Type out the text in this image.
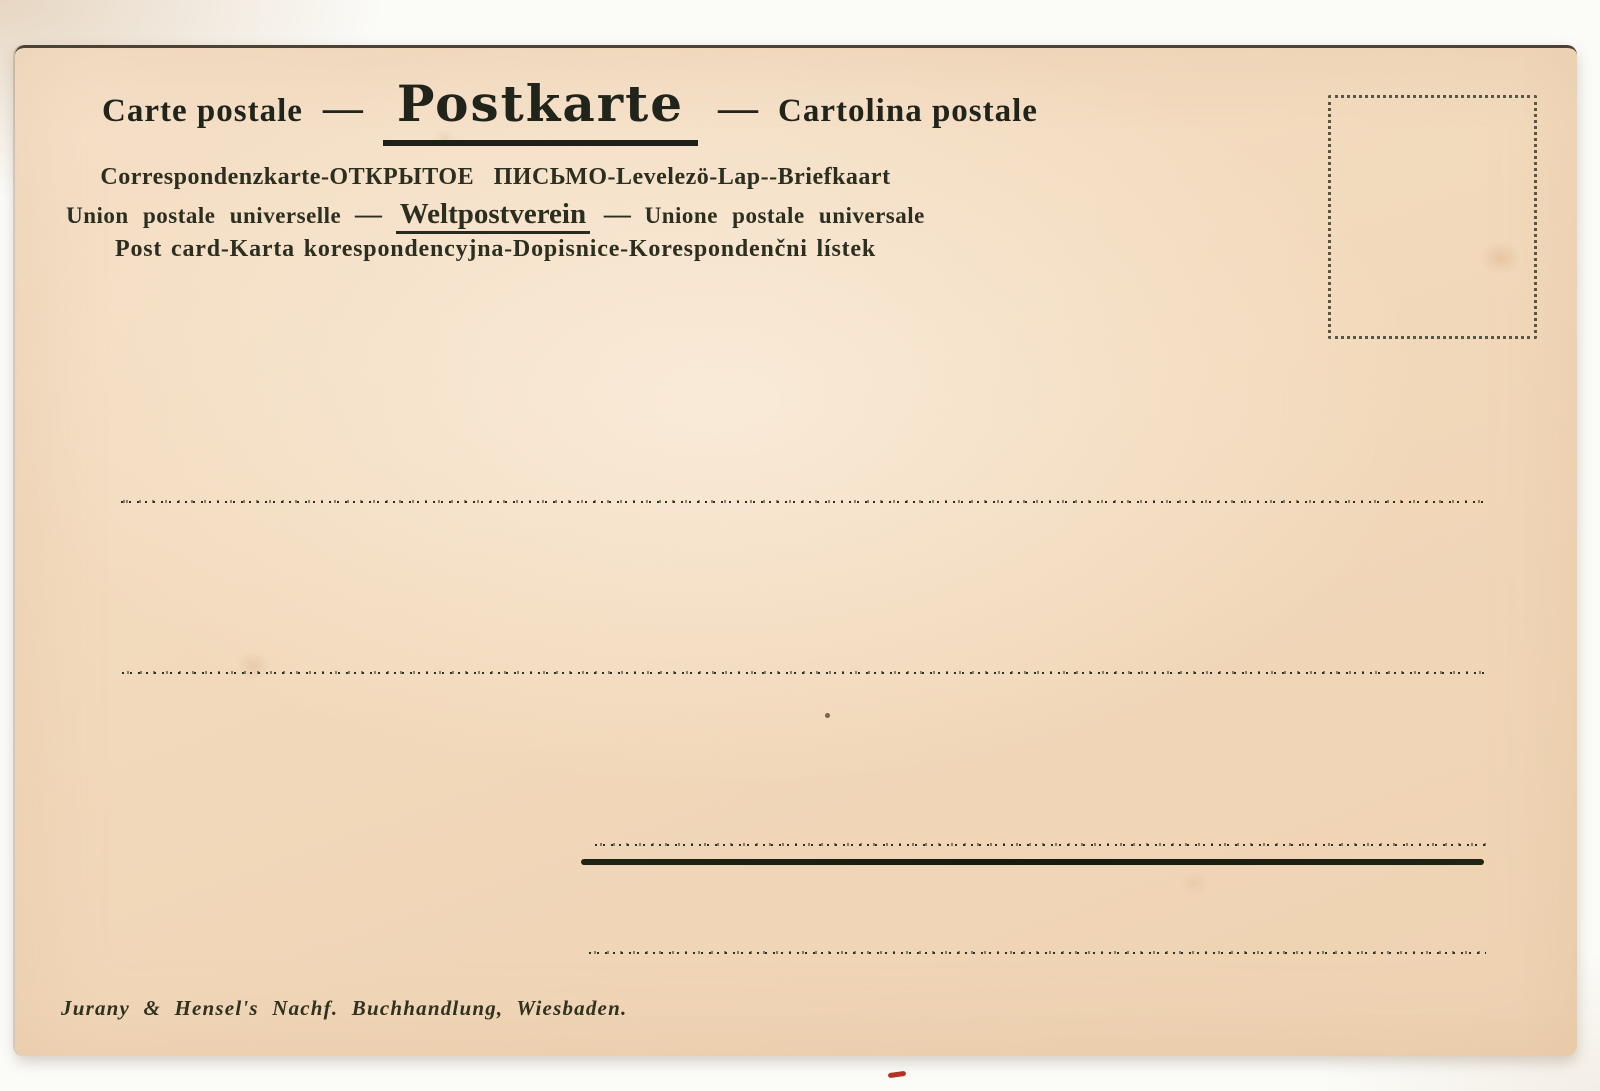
Carte postale — Postkarte — Cartolina postale
Correspondenzkarte-ОТКРЫТОЕ   ПИСЬМО-Levelezö-Lap--Briefkaart
Union postale universelle — Weltpostverein — Unione postale universale
Post card-Karta korespondencyjna-Dopisnice-Korespondenčni lístek
Jurany & Hensel's Nachf. Buchhandlung, Wiesbaden.
